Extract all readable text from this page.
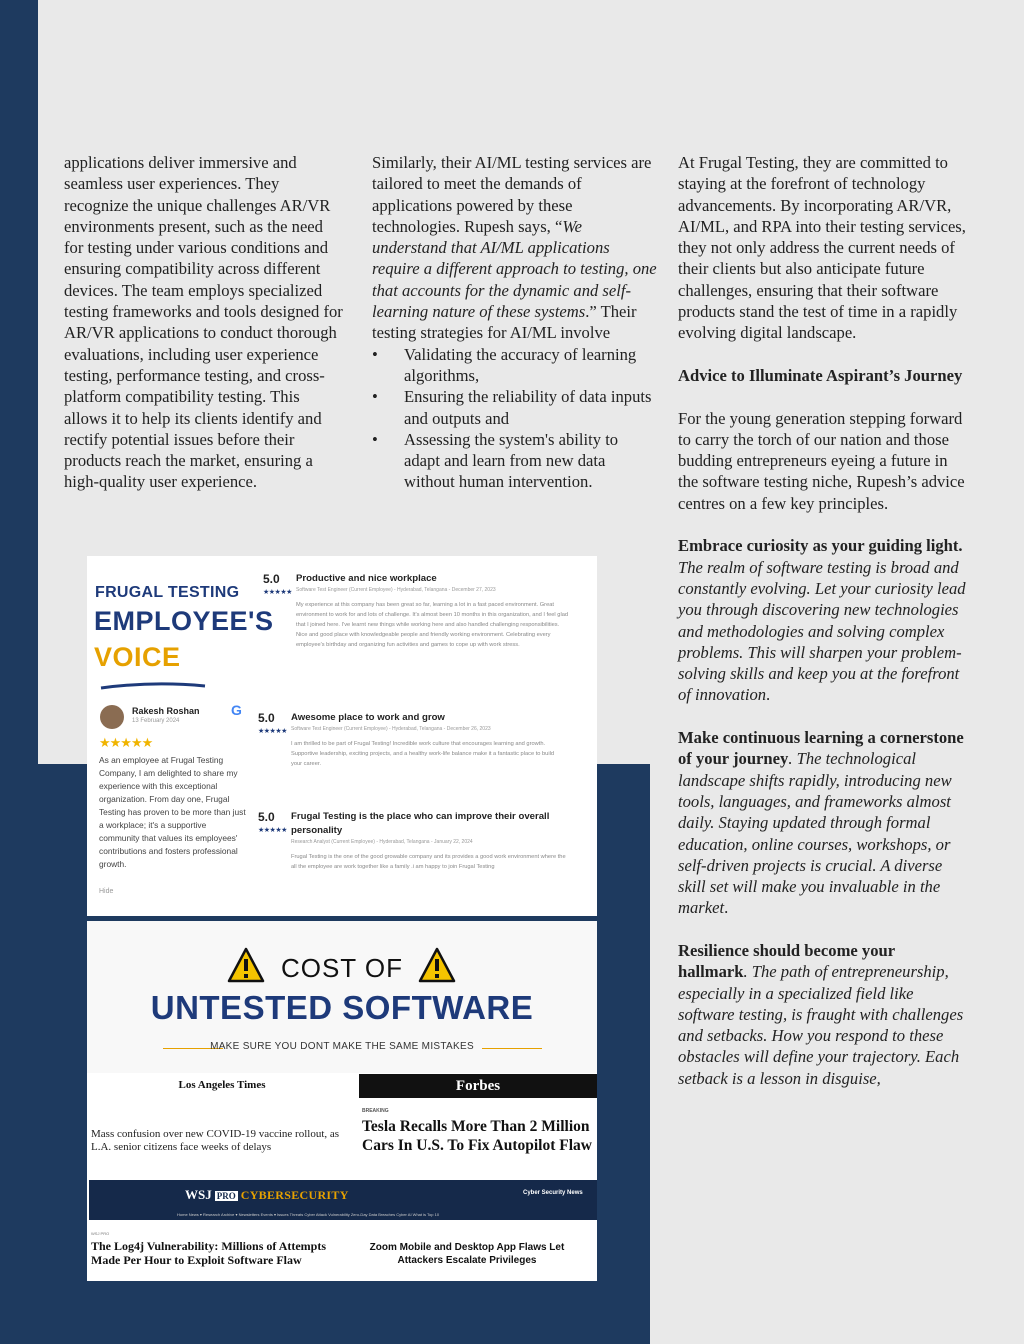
applications deliver immersive and seamless user experiences. They recognize the unique challenges AR/VR environments present, such as the need for testing under various conditions and ensuring compatibility across different devices. The team employs specialized testing frameworks and tools designed for AR/VR applications to conduct thorough evaluations, including user experience testing, performance testing, and cross-platform compatibility testing. This allows it to help its clients identify and rectify potential issues before their products reach the market, ensuring a high-quality user experience.

Similarly, their AI/ML testing services are tailored to meet the demands of applications powered by these technologies. Rupesh says, “We understand that AI/ML applications require a different approach to testing, one that accounts for the dynamic and self-learning nature of these systems.” Their testing strategies for AI/ML involve

• Validating the accuracy of learning algorithms,
• Ensuring the reliability of data inputs and outputs and
• Assessing the system's ability to adapt and learn from new data without human intervention.

At Frugal Testing, they are committed to staying at the forefront of technology advancements. By incorporating AR/VR, AI/ML, and RPA into their testing services, they not only address the current needs of their clients but also anticipate future challenges, ensuring that their software products stand the test of time in a rapidly evolving digital landscape.

Advice to Illuminate Aspirant’s Journey

For the young generation stepping forward to carry the torch of our nation and those budding entrepreneurs eyeing a future in the software testing niche, Rupesh’s advice centres on a few key principles.

Embrace curiosity as your guiding light. The realm of software testing is broad and constantly evolving. Let your curiosity lead you through discovering new technologies and methodologies and solving complex problems. This will sharpen your problem-solving skills and keep you at the forefront of innovation.

Make continuous learning a cornerstone of your journey. The technological landscape shifts rapidly, introducing new tools, languages, and frameworks almost daily. Staying updated through formal education, online courses, workshops, or self-driven projects is crucial. A diverse skill set will make you invaluable in the market.

Resilience should become your hallmark. The path of entrepreneurship, especially in a specialized field like software testing, is fraught with challenges and setbacks. How you respond to these obstacles will define your trajectory. Each setback is a lesson in disguise,

FRUGAL TESTING
EMPLOYEE'S
VOICE
Rakesh Roshan
13 February 2024
G
★★★★★
As an employee at Frugal Testing Company, I am delighted to share my experience with this exceptional organization. From day one, Frugal Testing has proven to be more than just a workplace; it's a supportive community that values its employees' contributions and fosters professional growth.
Hide
5.0
★★★★★
Productive and nice workplace
Software Test Engineer (Current Employee) - Hyderabad, Telangana - December 27, 2023
My experience at this company has been great so far, learning a lot in a fast paced environment. Great environment to work for and lots of challenge. It's almost been 10 months in this organization, and I feel glad that I joined here. I've learnt new things while working here and also handled challenging responsibilities. Nice and good place with knowledgeable people and friendly working environment. Celebrating every employee's birthday and organizing fun activities and games to cope up with work stress.
5.0
★★★★★
Awesome place to work and grow
Software Test Engineer (Current Employee) - Hyderabad, Telangana - December 26, 2023
I am thrilled to be part of Frugal Testing! Incredible work culture that encourages learning and growth. Supportive leadership, exciting projects, and a healthy work-life balance make it a fantastic place to build your career.
5.0
★★★★★
Frugal Testing is the place who can improve their overall personality
Research Analyst (Current Employee) - Hyderabad, Telangana - January 22, 2024
Frugal Testing is the one of the good growable company and its provides a good work environment where the all the employee are work together like a family .i am happy to join Frugal Testing
COST OF
UNTESTED SOFTWARE
MAKE SURE YOU DONT MAKE THE SAME MISTAKES
Los Angeles Times
Mass confusion over new COVID-19 vaccine rollout, as L.A. senior citizens face weeks of delays
Forbes
BREAKING
Tesla Recalls More Than 2 Million Cars In U.S. To Fix Autopilot Flaw
WSJ PRO CYBERSECURITY	Cyber Security News
Home News ▾ Research Archive ▾ Newsletters Events ▾ Issues Threats Cyber Attack Vulnerability Zero-Day Data Breaches Cyber AI What is Top 10
WSJ PRO
The Log4j Vulnerability: Millions of Attempts Made Per Hour to Exploit Software Flaw
Zoom Mobile and Desktop App Flaws Let Attackers Escalate Privileges
